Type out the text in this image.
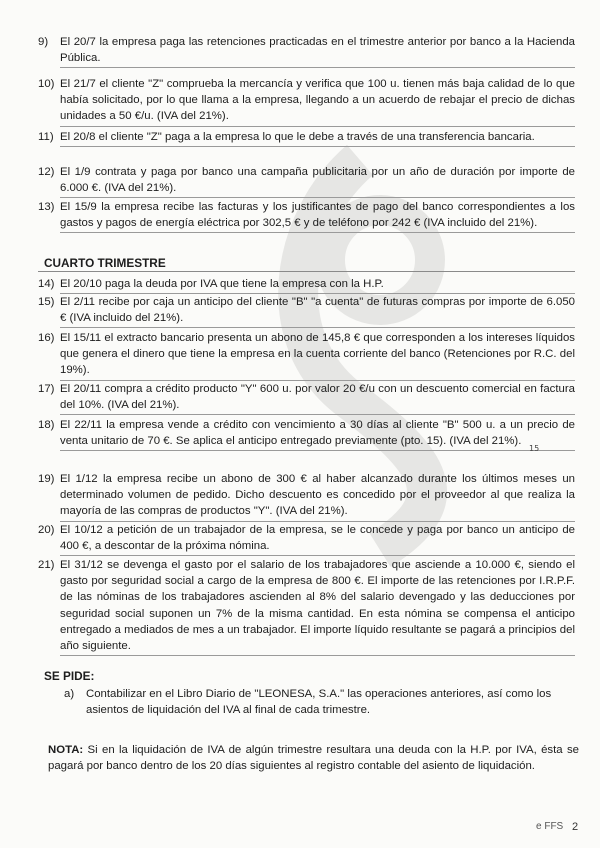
9)	El 20/7 la empresa paga las retenciones practicadas en el trimestre anterior por banco a la Hacienda Pública.
10) El 21/7 el cliente "Z" comprueba la mercancía y verifica que 100 u. tienen más baja calidad de lo que había solicitado, por lo que llama a la empresa, llegando a un acuerdo de rebajar el precio de dichas unidades a 50 €/u. (IVA del 21%).
11) El 20/8 el cliente "Z" paga a la empresa lo que le debe a través de una transferencia bancaria.
12) El 1/9 contrata y paga por banco una campaña publicitaria por un año de duración por importe de 6.000 €. (IVA del 21%).
13) El 15/9 la empresa recibe las facturas y los justificantes de pago del banco correspondientes a los gastos y pagos de energía eléctrica por 302,5 € y de teléfono por 242 € (IVA incluido del 21%).
CUARTO TRIMESTRE
14) El 20/10 paga la deuda por IVA que tiene la empresa con la H.P.
15) El 2/11 recibe por caja un anticipo del cliente "B" "a cuenta" de futuras compras por importe de 6.050 € (IVA incluido del 21%).
16) El 15/11 el extracto bancario presenta un abono de 145,8 € que corresponden a los intereses líquidos que genera el dinero que tiene la empresa en la cuenta corriente del banco (Retenciones por R.C. del 19%).
17) El 20/11 compra a crédito producto "Y" 600 u. por valor 20 €/u con un descuento comercial en factura del 10%. (IVA del 21%).
18) El 22/11 la empresa vende a crédito con vencimiento a 30 días al cliente "B" 500 u. a un precio de venta unitario de 70 €. Se aplica el anticipo entregado previamente (pto. 15). (IVA del 21%).
19) El 1/12 la empresa recibe un abono de 300 € al haber alcanzado durante los últimos meses un determinado volumen de pedido. Dicho descuento es concedido por el proveedor al que realiza la mayoría de las compras de productos "Y". (IVA del 21%).
20) El 10/12 a petición de un trabajador de la empresa, se le concede y paga por banco un anticipo de 400 €, a descontar de la próxima nómina.
21) El 31/12 se devenga el gasto por el salario de los trabajadores que asciende a 10.000 €, siendo el gasto por seguridad social a cargo de la empresa de 800 €. El importe de las retenciones por I.R.P.F. de las nóminas de los trabajadores ascienden al 8% del salario devengado y las deducciones por seguridad social suponen un 7% de la misma cantidad. En esta nómina se compensa el anticipo entregado a mediados de mes a un trabajador. El importe líquido resultante se pagará a principios del año siguiente.
15
SE PIDE:
a) Contabilizar en el Libro Diario de "LEONESA, S.A." las operaciones anteriores, así como los asientos de liquidación del IVA al final de cada trimestre.
NOTA: Si en la liquidación de IVA de algún trimestre resultara una deuda con la H.P. por IVA, ésta se pagará por banco dentro de los 20 días siguientes al registro contable del asiento de liquidación.
e FFS 2
